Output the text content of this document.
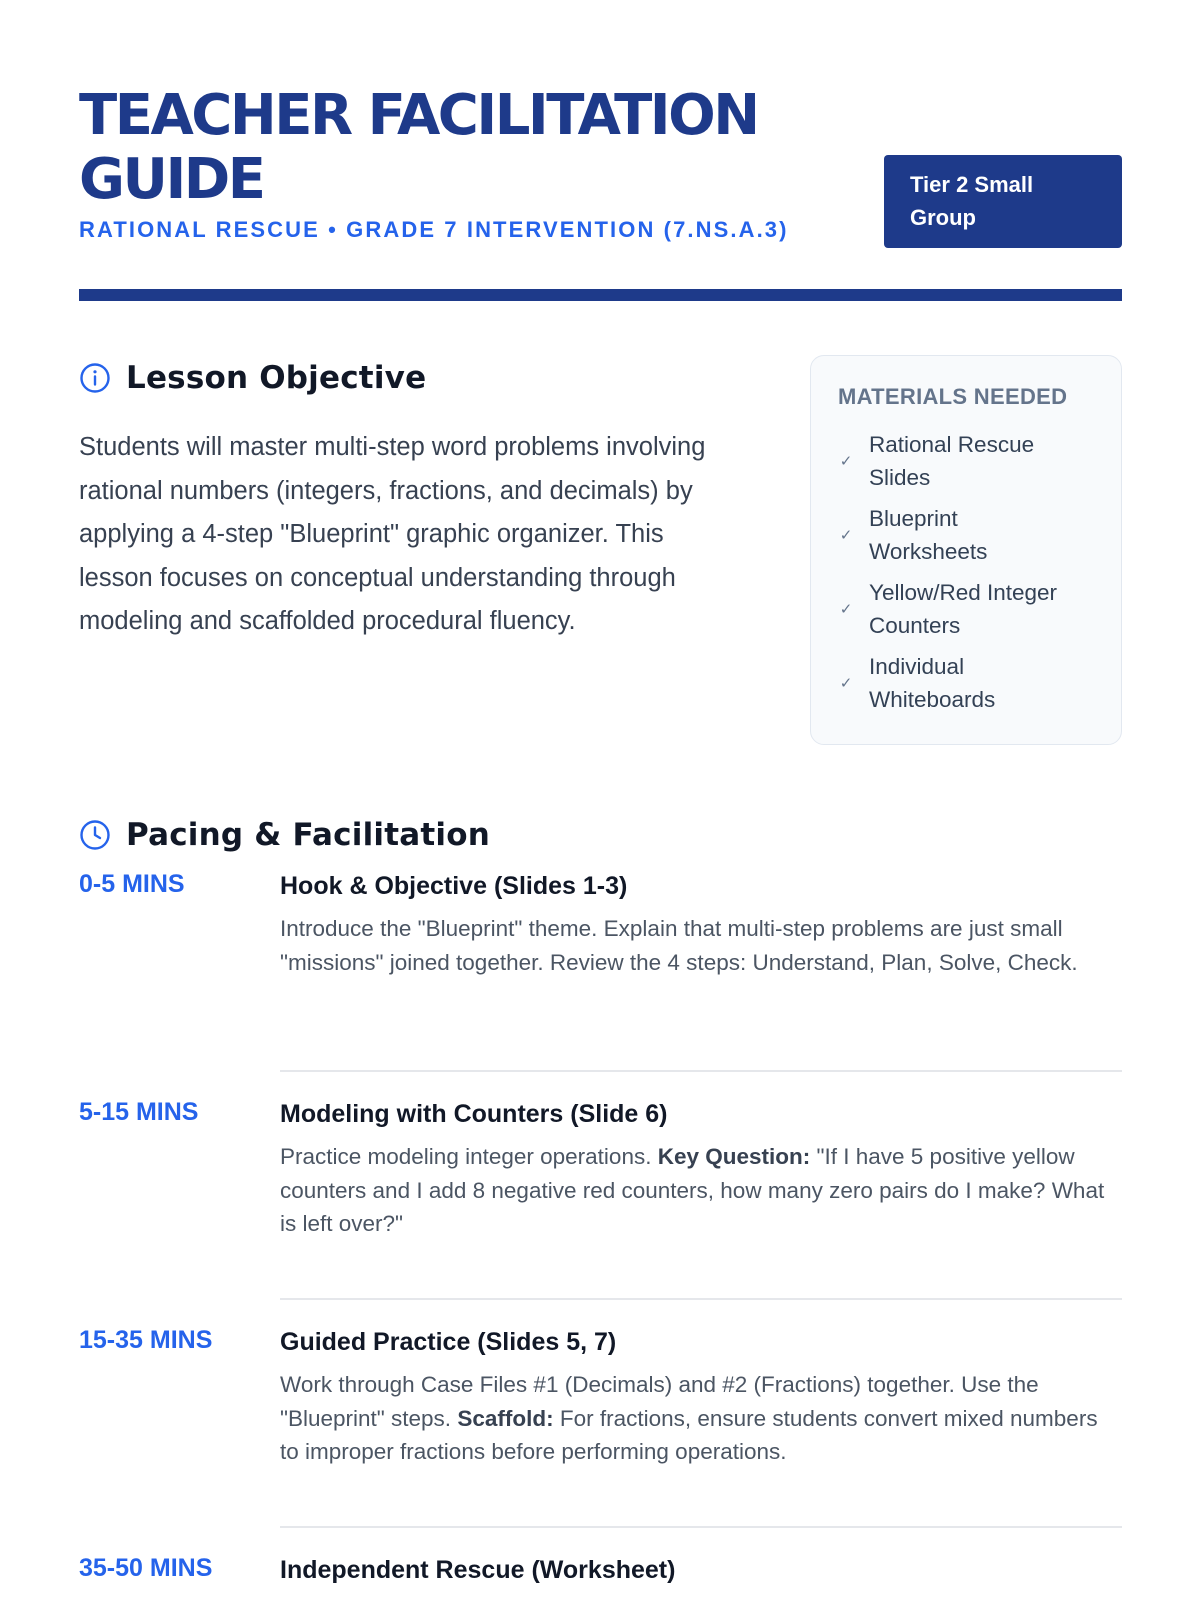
TEACHER FACILITATION GUIDE
RATIONAL RESCUE • GRADE 7 INTERVENTION (7.NS.A.3)
Tier 2 Small Group
Lesson Objective

Students will master multi-step word problems involving rational numbers (integers, fractions, and decimals) by applying a 4-step "Blueprint" graphic organizer. This lesson focuses on conceptual understanding through modeling and scaffolded procedural fluency.

MATERIALS NEEDED
✓
Rational Rescue Slides
✓
Blueprint Worksheets
✓
Yellow/Red Integer Counters
✓
Individual Whiteboards
Pacing & Facilitation
0-5 MINS	Hook & Objective (Slides 1-3)
Introduce the "Blueprint" theme. Explain that multi-step problems are just small "missions" joined together. Review the 4 steps: Understand, Plan, Solve, Check.
5-15 MINS	Modeling with Counters (Slide 6)
Practice modeling integer operations. Key Question: "If I have 5 positive yellow counters and I add 8 negative red counters, how many zero pairs do I make? What is left over?"
15-35 MINS	Guided Practice (Slides 5, 7)
Work through Case Files #1 (Decimals) and #2 (Fractions) together. Use the "Blueprint" steps. Scaffold: For fractions, ensure students convert mixed numbers to improper fractions before performing operations.
35-50 MINS	Independent Rescue (Worksheet)
